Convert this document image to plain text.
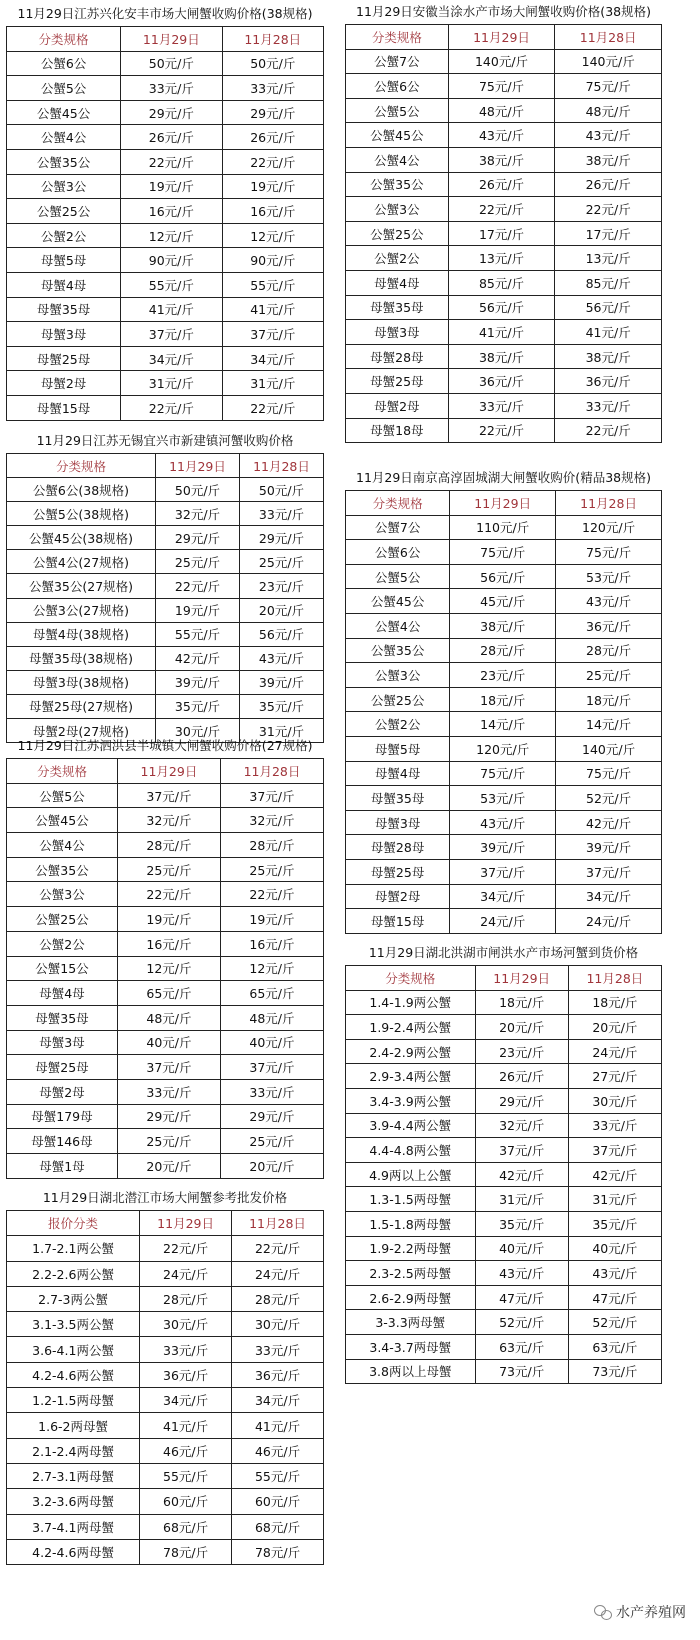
11月29日江苏兴化安丰市场大闸蟹收购价格(38规格)
分类规格	11月29日	11月28日
公蟹6公	50元/斤	50元/斤
公蟹5公	33元/斤	33元/斤
公蟹45公	29元/斤	29元/斤
公蟹4公	26元/斤	26元/斤
公蟹35公	22元/斤	22元/斤
公蟹3公	19元/斤	19元/斤
公蟹25公	16元/斤	16元/斤
公蟹2公	12元/斤	12元/斤
母蟹5母	90元/斤	90元/斤
母蟹4母	55元/斤	55元/斤
母蟹35母	41元/斤	41元/斤
母蟹3母	37元/斤	37元/斤
母蟹25母	34元/斤	34元/斤
母蟹2母	31元/斤	31元/斤
母蟹15母	22元/斤	22元/斤
11月29日江苏无锡宜兴市新建镇河蟹收购价格
分类规格	11月29日	11月28日
公蟹6公(38规格)	50元/斤	50元/斤
公蟹5公(38规格)	32元/斤	33元/斤
公蟹45公(38规格)	29元/斤	29元/斤
公蟹4公(27规格)	25元/斤	25元/斤
公蟹35公(27规格)	22元/斤	23元/斤
公蟹3公(27规格)	19元/斤	20元/斤
母蟹4母(38规格)	55元/斤	56元/斤
母蟹35母(38规格)	42元/斤	43元/斤
母蟹3母(38规格)	39元/斤	39元/斤
母蟹25母(27规格)	35元/斤	35元/斤
母蟹2母(27规格)	30元/斤	31元/斤
11月29日江苏泗洪县半城镇大闸蟹收购价格(27规格)
分类规格	11月29日	11月28日
公蟹5公	37元/斤	37元/斤
公蟹45公	32元/斤	32元/斤
公蟹4公	28元/斤	28元/斤
公蟹35公	25元/斤	25元/斤
公蟹3公	22元/斤	22元/斤
公蟹25公	19元/斤	19元/斤
公蟹2公	16元/斤	16元/斤
公蟹15公	12元/斤	12元/斤
母蟹4母	65元/斤	65元/斤
母蟹35母	48元/斤	48元/斤
母蟹3母	40元/斤	40元/斤
母蟹25母	37元/斤	37元/斤
母蟹2母	33元/斤	33元/斤
母蟹179母	29元/斤	29元/斤
母蟹146母	25元/斤	25元/斤
母蟹1母	20元/斤	20元/斤
11月29日湖北潜江市场大闸蟹参考批发价格
报价分类	11月29日	11月28日
1.7-2.1两公蟹	22元/斤	22元/斤
2.2-2.6两公蟹	24元/斤	24元/斤
2.7-3两公蟹	28元/斤	28元/斤
3.1-3.5两公蟹	30元/斤	30元/斤
3.6-4.1两公蟹	33元/斤	33元/斤
4.2-4.6两公蟹	36元/斤	36元/斤
1.2-1.5两母蟹	34元/斤	34元/斤
1.6-2两母蟹	41元/斤	41元/斤
2.1-2.4两母蟹	46元/斤	46元/斤
2.7-3.1两母蟹	55元/斤	55元/斤
3.2-3.6两母蟹	60元/斤	60元/斤
3.7-4.1两母蟹	68元/斤	68元/斤
4.2-4.6两母蟹	78元/斤	78元/斤
11月29日安徽当涂水产市场大闸蟹收购价格(38规格)
分类规格	11月29日	11月28日
公蟹7公	140元/斤	140元/斤
公蟹6公	75元/斤	75元/斤
公蟹5公	48元/斤	48元/斤
公蟹45公	43元/斤	43元/斤
公蟹4公	38元/斤	38元/斤
公蟹35公	26元/斤	26元/斤
公蟹3公	22元/斤	22元/斤
公蟹25公	17元/斤	17元/斤
公蟹2公	13元/斤	13元/斤
母蟹4母	85元/斤	85元/斤
母蟹35母	56元/斤	56元/斤
母蟹3母	41元/斤	41元/斤
母蟹28母	38元/斤	38元/斤
母蟹25母	36元/斤	36元/斤
母蟹2母	33元/斤	33元/斤
母蟹18母	22元/斤	22元/斤
11月29日南京高淳固城湖大闸蟹收购价(精品38规格)
分类规格	11月29日	11月28日
公蟹7公	110元/斤	120元/斤
公蟹6公	75元/斤	75元/斤
公蟹5公	56元/斤	53元/斤
公蟹45公	45元/斤	43元/斤
公蟹4公	38元/斤	36元/斤
公蟹35公	28元/斤	28元/斤
公蟹3公	23元/斤	25元/斤
公蟹25公	18元/斤	18元/斤
公蟹2公	14元/斤	14元/斤
母蟹5母	120元/斤	140元/斤
母蟹4母	75元/斤	75元/斤
母蟹35母	53元/斤	52元/斤
母蟹3母	43元/斤	42元/斤
母蟹28母	39元/斤	39元/斤
母蟹25母	37元/斤	37元/斤
母蟹2母	34元/斤	34元/斤
母蟹15母	24元/斤	24元/斤
11月29日湖北洪湖市闸洪水产市场河蟹到货价格
分类规格	11月29日	11月28日
1.4-1.9两公蟹	18元/斤	18元/斤
1.9-2.4两公蟹	20元/斤	20元/斤
2.4-2.9两公蟹	23元/斤	24元/斤
2.9-3.4两公蟹	26元/斤	27元/斤
3.4-3.9两公蟹	29元/斤	30元/斤
3.9-4.4两公蟹	32元/斤	33元/斤
4.4-4.8两公蟹	37元/斤	37元/斤
4.9两以上公蟹	42元/斤	42元/斤
1.3-1.5两母蟹	31元/斤	31元/斤
1.5-1.8两母蟹	35元/斤	35元/斤
1.9-2.2两母蟹	40元/斤	40元/斤
2.3-2.5两母蟹	43元/斤	43元/斤
2.6-2.9两母蟹	47元/斤	47元/斤
3-3.3两母蟹	52元/斤	52元/斤
3.4-3.7两母蟹	63元/斤	63元/斤
3.8两以上母蟹	73元/斤	73元/斤
水产养殖网
